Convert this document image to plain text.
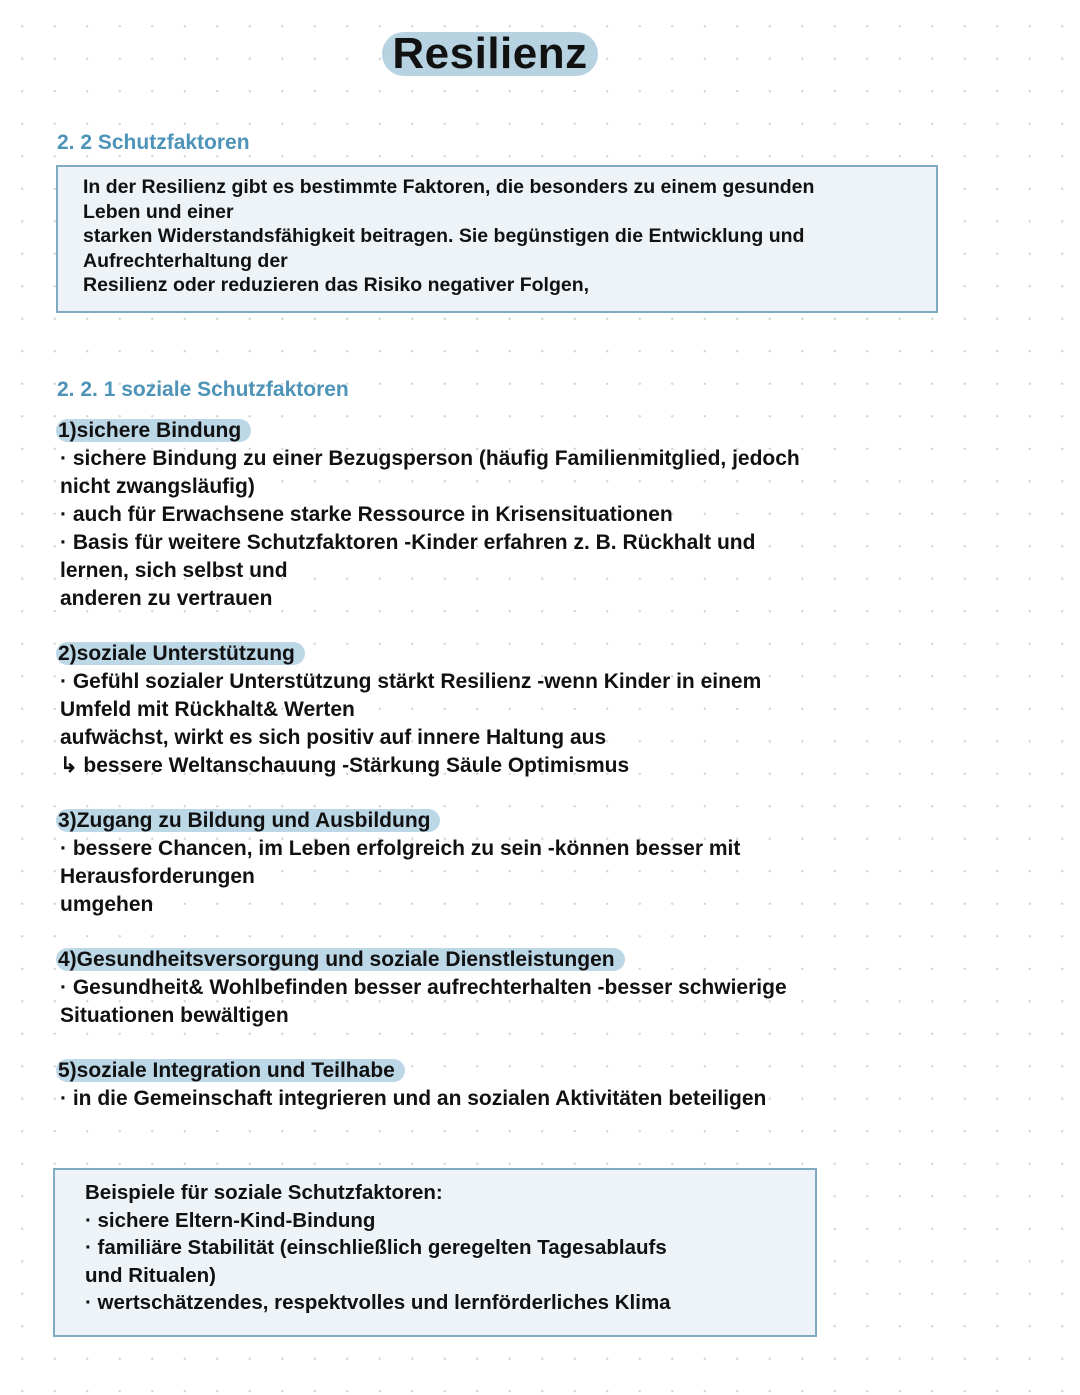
Resilienz
2. 2 Schutzfaktoren
In der Resilienz gibt es bestimmte Faktoren, die besonders zu einem gesunden
Leben und einer
starken Widerstandsfähigkeit beitragen. Sie begünstigen die Entwicklung und
Aufrechterhaltung der
Resilienz oder reduzieren das Risiko negativer Folgen,
2. 2. 1 soziale Schutzfaktoren
1)sichere Bindung
· sichere Bindung zu einer Bezugsperson (häufig Familienmitglied, jedoch
nicht zwangsläufig)
· auch für Erwachsene starke Ressource in Krisensituationen
· Basis für weitere Schutzfaktoren -Kinder erfahren z. B. Rückhalt und
lernen, sich selbst und
anderen zu vertrauen
2)soziale Unterstützung
· Gefühl sozialer Unterstützung stärkt Resilienz -wenn Kinder in einem
Umfeld mit Rückhalt& Werten
aufwächst, wirkt es sich positiv auf innere Haltung aus
↳ bessere Weltanschauung -Stärkung Säule Optimismus
3)Zugang zu Bildung und Ausbildung
· bessere Chancen, im Leben erfolgreich zu sein -können besser mit
Herausforderungen
umgehen
4)Gesundheitsversorgung und soziale Dienstleistungen
· Gesundheit& Wohlbefinden besser aufrechterhalten -besser schwierige
Situationen bewältigen
5)soziale Integration und Teilhabe
· in die Gemeinschaft integrieren und an sozialen Aktivitäten beteiligen
Beispiele für soziale Schutzfaktoren:
· sichere Eltern-Kind-Bindung
· familiäre Stabilität (einschließlich geregelten Tagesablaufs
und Ritualen)
· wertschätzendes, respektvolles und lernförderliches Klima
